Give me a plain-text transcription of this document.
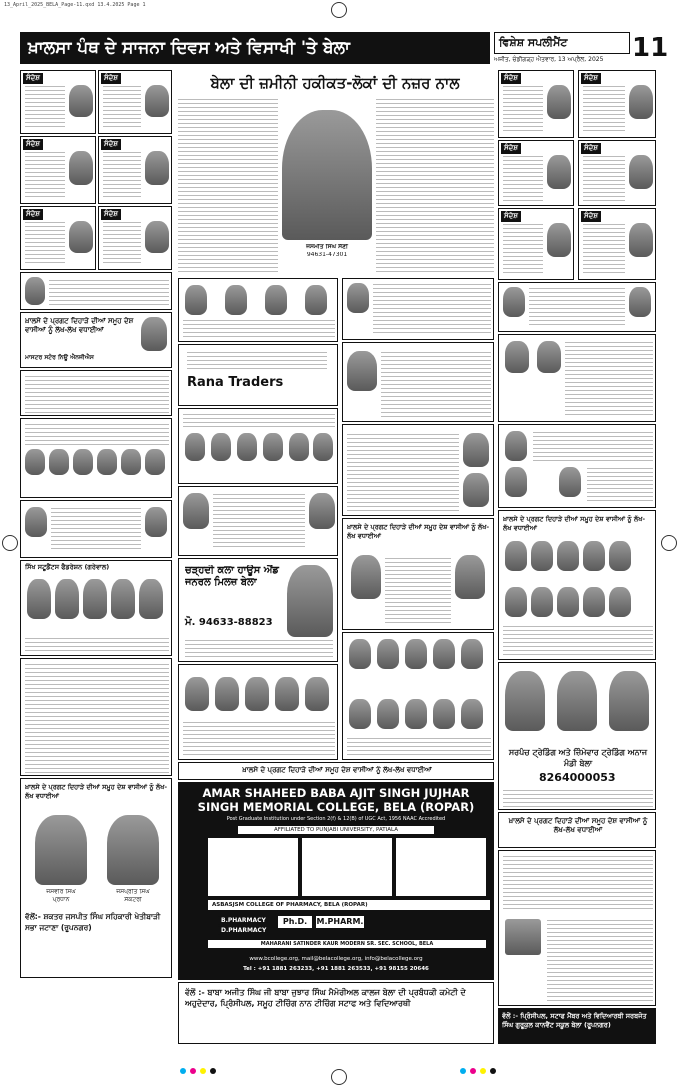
13_April_2025_BELA_Page-11.qxd 13.4.2025 Page 1
ਖ਼ਾਲਸਾ ਪੰਥ ਦੇ ਸਾਜਨਾ ਦਿਵਸ ਅਤੇ ਵਿਸਾਖੀ 'ਤੇ ਬੇਲਾ	ਵਿਸ਼ੇਸ਼ ਸਪਲੀਮੈਂਟ	11
ਅਜੀਤ, ਚੰਡੀਗੜ੍ਹ ਐਤਵਾਰ, 13 ਅਪ੍ਰੈਲ, 2025
ਸੰਦੇਸ਼	ਸੰਦੇਸ਼
ਸੰਦੇਸ਼	ਸੰਦੇਸ਼
ਸੰਦੇਸ਼	ਸੰਦੇਸ਼
ਖ਼ਾਲਸੇ ਦੇ ਪ੍ਰਗਟ ਦਿਹਾੜੇ ਦੀਆਂ ਸਮੂਹ ਦੇਸ਼ ਵਾਸੀਆਂ ਨੂੰ ਲੱਖ-ਲੱਖ ਵਧਾਈਆਂ
ਮਾਸਟਰ ਸਟੋਰ ਨਿਊ ਐਨਜੀਐਸ
ਸਿੱਖ ਸਟੂਡੈਂਟਸ ਫੈਡਰੇਸ਼ਨ (ਗਰੇਵਾਲ)
ਖ਼ਾਲਸੇ ਦੇ ਪ੍ਰਗਟ ਦਿਹਾੜੇ ਦੀਆਂ ਸਮੂਹ ਦੇਸ਼ ਵਾਸੀਆਂ ਨੂੰ ਲੱਖ-ਲੱਖ ਵਧਾਈਆਂ
ਜਸਵੀਰ ਸਿੰਘ
ਪ੍ਰਧਾਨ
ਜਸਪ੍ਰੀਤ ਸਿੰਘ
ਸੈਕਟਰੀ
ਵੱਲੋਂ:- ਸ਼ਕਤਰ ਜਸਪੀਤ ਸਿੰਘ ਸਹਿਕਾਰੀ ਖੇਤੀਬਾੜੀ ਸਭਾ ਜਟਾਣਾ (ਰੂਪਨਗਰ)
ਬੇਲਾ ਦੀ ਜ਼ਮੀਨੀ ਹਕੀਕਤ-ਲੋਕਾਂ ਦੀ ਨਜ਼ਰ ਨਾਲ
ਜਸਮੀਤ ਸਿੰਘ ਸੈਣੀ
94631-47301
Rana Traders
ਚੜ੍ਹਦੀ ਕਲਾ ਹਾਊਸ ਐਂਡ ਜਨਰਲ ਮਿਲਜ਼ ਬੇਲਾ
ਮੋ. 94633-88823
ਖ਼ਾਲਸੇ ਦੇ ਪ੍ਰਗਟ ਦਿਹਾੜੇ ਦੀਆਂ ਸਮੂਹ ਦੇਸ਼ ਵਾਸੀਆਂ ਨੂੰ ਲੱਖ-ਲੱਖ ਵਧਾਈਆਂ
ਖ਼ਾਲਸੇ ਦੇ ਪ੍ਰਗਟ ਦਿਹਾੜੇ ਦੀਆਂ ਸਮੂਹ ਦੇਸ਼ ਵਾਸੀਆਂ ਨੂੰ ਲੱਖ-ਲੱਖ ਵਧਾਈਆਂ
AMAR SHAHEED BABA AJIT SINGH JUJHAR SINGH MEMORIAL COLLEGE, BELA (ROPAR)
Post Graduate Institution under Section 2(f) & 12(B) of UGC Act, 1956 NAAC Accredited
AFFILIATED TO PUNJABI UNIVERSITY, PATIALA
ASBASJSM COLLEGE OF PHARMACY, BELA (ROPAR)
B.PHARMACY
D.PHARMACY
Ph.D.	M.PHARM.
MAHARANI SATINDER KAUR MODERN SR. SEC. SCHOOL, BELA
www.bcollege.org, mail@belacollege.org, info@belacollege.org
Tel : +91 1881 263233, +91 1881 263533, +91 98155 20646
ਵੱਲੋਂ :- ਬਾਬਾ ਅਜੀਤ ਸਿੰਘ ਜੀ ਬਾਬਾ ਜੁਝਾਰ ਸਿੰਘ ਮੈਮੋਰੀਅਲ ਕਾਲਜ ਬੇਲਾ ਦੀ ਪ੍ਰਬੰਧਕੀ ਕਮੇਟੀ ਦੇ ਅਹੁਦੇਦਾਰ, ਪ੍ਰਿੰਸੀਪਲ, ਸਮੂਹ ਟੀਚਿੰਗ ਨਾਨ ਟੀਚਿੰਗ ਸਟਾਫ ਅਤੇ ਵਿਦਿਆਰਥੀ
ਸੰਦੇਸ਼	ਸੰਦੇਸ਼
ਸੰਦੇਸ਼	ਸੰਦੇਸ਼
ਸੰਦੇਸ਼	ਸੰਦੇਸ਼
ਖ਼ਾਲਸੇ ਦੇ ਪ੍ਰਗਟ ਦਿਹਾੜੇ ਦੀਆਂ ਸਮੂਹ ਦੇਸ਼ ਵਾਸੀਆਂ ਨੂੰ ਲੱਖ-ਲੱਖ ਵਧਾਈਆਂ
ਸਰਪੰਚ ਟ੍ਰੇਡਿੰਗ ਅਤੇ ਜ਼ਿੰਮੇਵਾਰ ਟ੍ਰੇਡਿੰਗ ਅਨਾਜ ਮੰਡੀ ਬੇਲਾ
8264000053
ਖ਼ਾਲਸੇ ਦੇ ਪ੍ਰਗਟ ਦਿਹਾੜੇ ਦੀਆਂ ਸਮੂਹ ਦੇਸ਼ ਵਾਸੀਆਂ ਨੂੰ ਲੱਖ-ਲੱਖ ਵਧਾਈਆਂ
ਵੱਲੋਂ :- ਪ੍ਰਿੰਸੀਪਲ, ਸਟਾਫ ਮੈਂਬਰ ਅਤੇ ਵਿਦਿਆਰਥੀ ਸਰਬਜੋਤ ਸਿੰਘ ਗੁਰੂਕੁਲ ਕਾਨਵੈਂਟ ਸਕੂਲ ਬੇਲਾ (ਰੂਪਨਗਰ)
